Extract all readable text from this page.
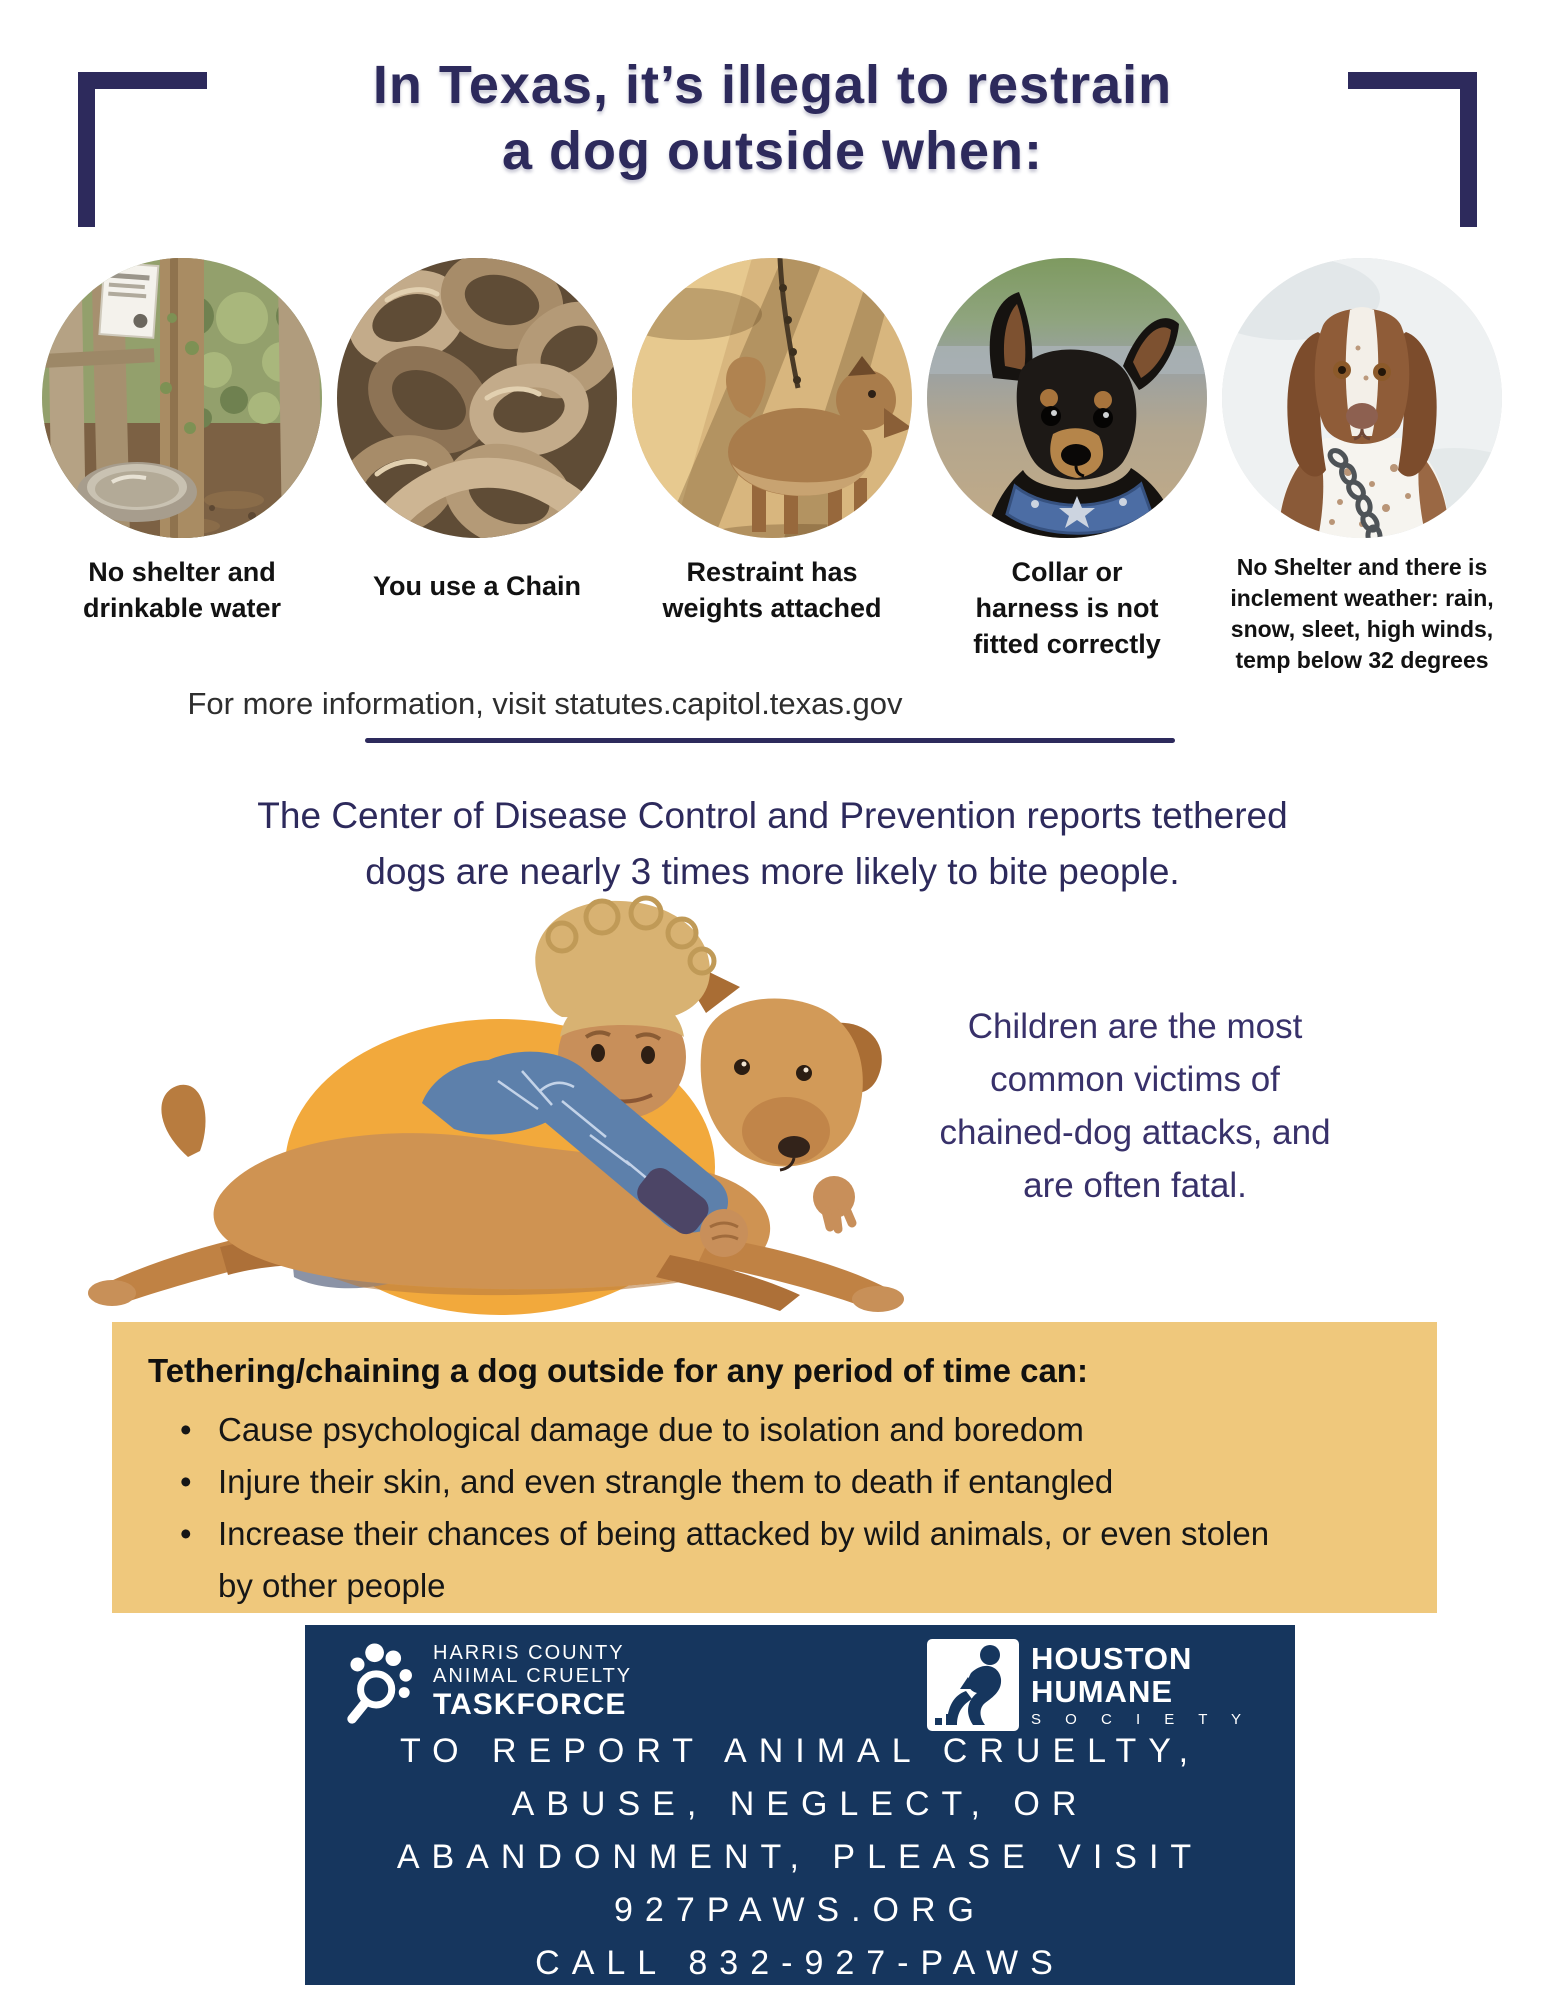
In Texas, it’s illegal to restrain
a dog outside when:
No shelter and
drinkable water
You use a Chain	Restraint has
weights attached
Collar or
harness is not
fitted correctly
No Shelter and there is
inclement weather: rain,
snow, sleet, high winds,
temp below 32 degrees
For more information, visit statutes.capitol.texas.gov
The Center of Disease Control and Prevention reports tethered
dogs are nearly 3 times more likely to bite people.
Children are the most
common victims of
chained-dog attacks, and
are often fatal.
Tethering/chaining a dog outside for any period of time can:
• Cause psychological damage due to isolation and boredom
• Injure their skin, and even strangle them to death if entangled
• Increase their chances of being attacked by wild animals, or even stolen by other people
HARRIS COUNTY
ANIMAL CRUELTY
TASKFORCE
HOUSTON
HUMANE
S O C I E T Y
TO REPORT ANIMAL CRUELTY,
ABUSE, NEGLECT, OR
ABANDONMENT, PLEASE VISIT
927PAWS.ORG
CALL 832-927-PAWS
